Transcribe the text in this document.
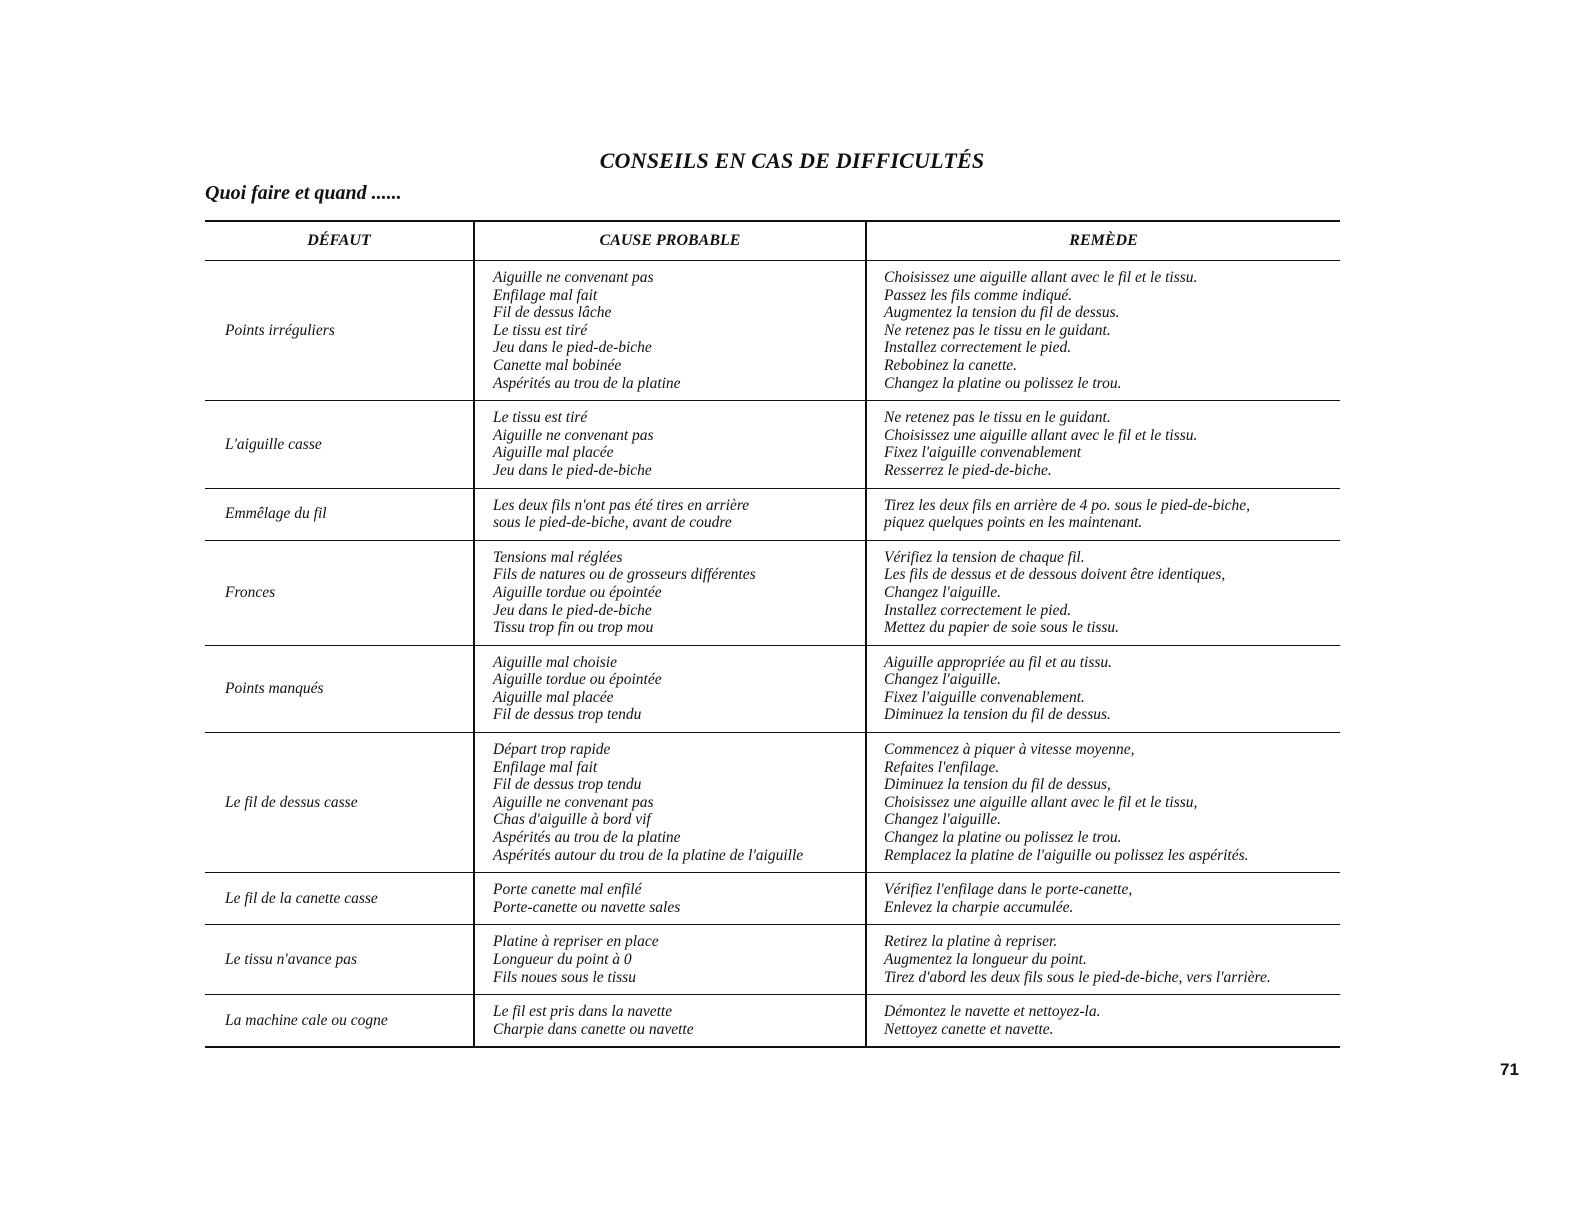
CONSEILS EN CAS DE DIFFICULTÉS
Quoi faire et quand ......
DÉFAUT	CAUSE PROBABLE	REMÈDE
Points irréguliers
Aiguille ne convenant pas
Enfilage mal fait
Fil de dessus lâche
Le tissu est tiré
Jeu dans le pied-de-biche
Canette mal bobinée
Aspérités au trou de la platine
Choisissez une aiguille allant avec le fil et le tissu.
Passez les fils comme indiqué.
Augmentez la tension du fil de dessus.
Ne retenez pas le tissu en le guidant.
Installez correctement le pied.
Rebobinez la canette.
Changez la platine ou polissez le trou.
L'aiguille casse
Le tissu est tiré
Aiguille ne convenant pas
Aiguille mal placée
Jeu dans le pied-de-biche
Ne retenez pas le tissu en le guidant.
Choisissez une aiguille allant avec le fil et le tissu.
Fixez l'aiguille convenablement
Resserrez le pied-de-biche.
Emmêlage du fil
Les deux fils n'ont pas été tires en arrière
sous le pied-de-biche, avant de coudre
Tirez les deux fils en arrière de 4 po. sous le pied-de-biche,
piquez quelques points en les maintenant.
Fronces
Tensions mal réglées
Fils de natures ou de grosseurs différentes
Aiguille tordue ou épointée
Jeu dans le pied-de-biche
Tissu trop fin ou trop mou
Vérifiez la tension de chaque fil.
Les fils de dessus et de dessous doivent être identiques,
Changez l'aiguille.
Installez correctement le pied.
Mettez du papier de soie sous le tissu.
Points manqués
Aiguille mal choisie
Aiguille tordue ou épointée
Aiguille mal placée
Fil de dessus trop tendu
Aiguille appropriée au fil et au tissu.
Changez l'aiguille.
Fixez l'aiguille convenablement.
Diminuez la tension du fil de dessus.
Le fil de dessus casse
Départ trop rapide
Enfilage mal fait
Fil de dessus trop tendu
Aiguille ne convenant pas
Chas d'aiguille à bord vif
Aspérités au trou de la platine
Aspérités autour du trou de la platine de l'aiguille
Commencez à piquer à vitesse moyenne,
Refaites l'enfilage.
Diminuez la tension du fil de dessus,
Choisissez une aiguille allant avec le fil et le tissu,
Changez l'aiguille.
Changez la platine ou polissez le trou.
Remplacez la platine de l'aiguille ou polissez les aspérités.
Le fil de la canette casse
Porte canette mal enfilé
Porte-canette ou navette sales
Vérifiez l'enfilage dans le porte-canette,
Enlevez la charpie accumulée.
Le tissu n'avance pas
Platine à repriser en place
Longueur du point à 0
Fils noues sous le tissu
Retirez la platine à repriser.
Augmentez la longueur du point.
Tirez d'abord les deux fils sous le pied-de-biche, vers l'arrière.
La machine cale ou cogne
Le fil est pris dans la navette
Charpie dans canette ou navette
Démontez le navette et nettoyez-la.
Nettoyez canette et navette.
71
